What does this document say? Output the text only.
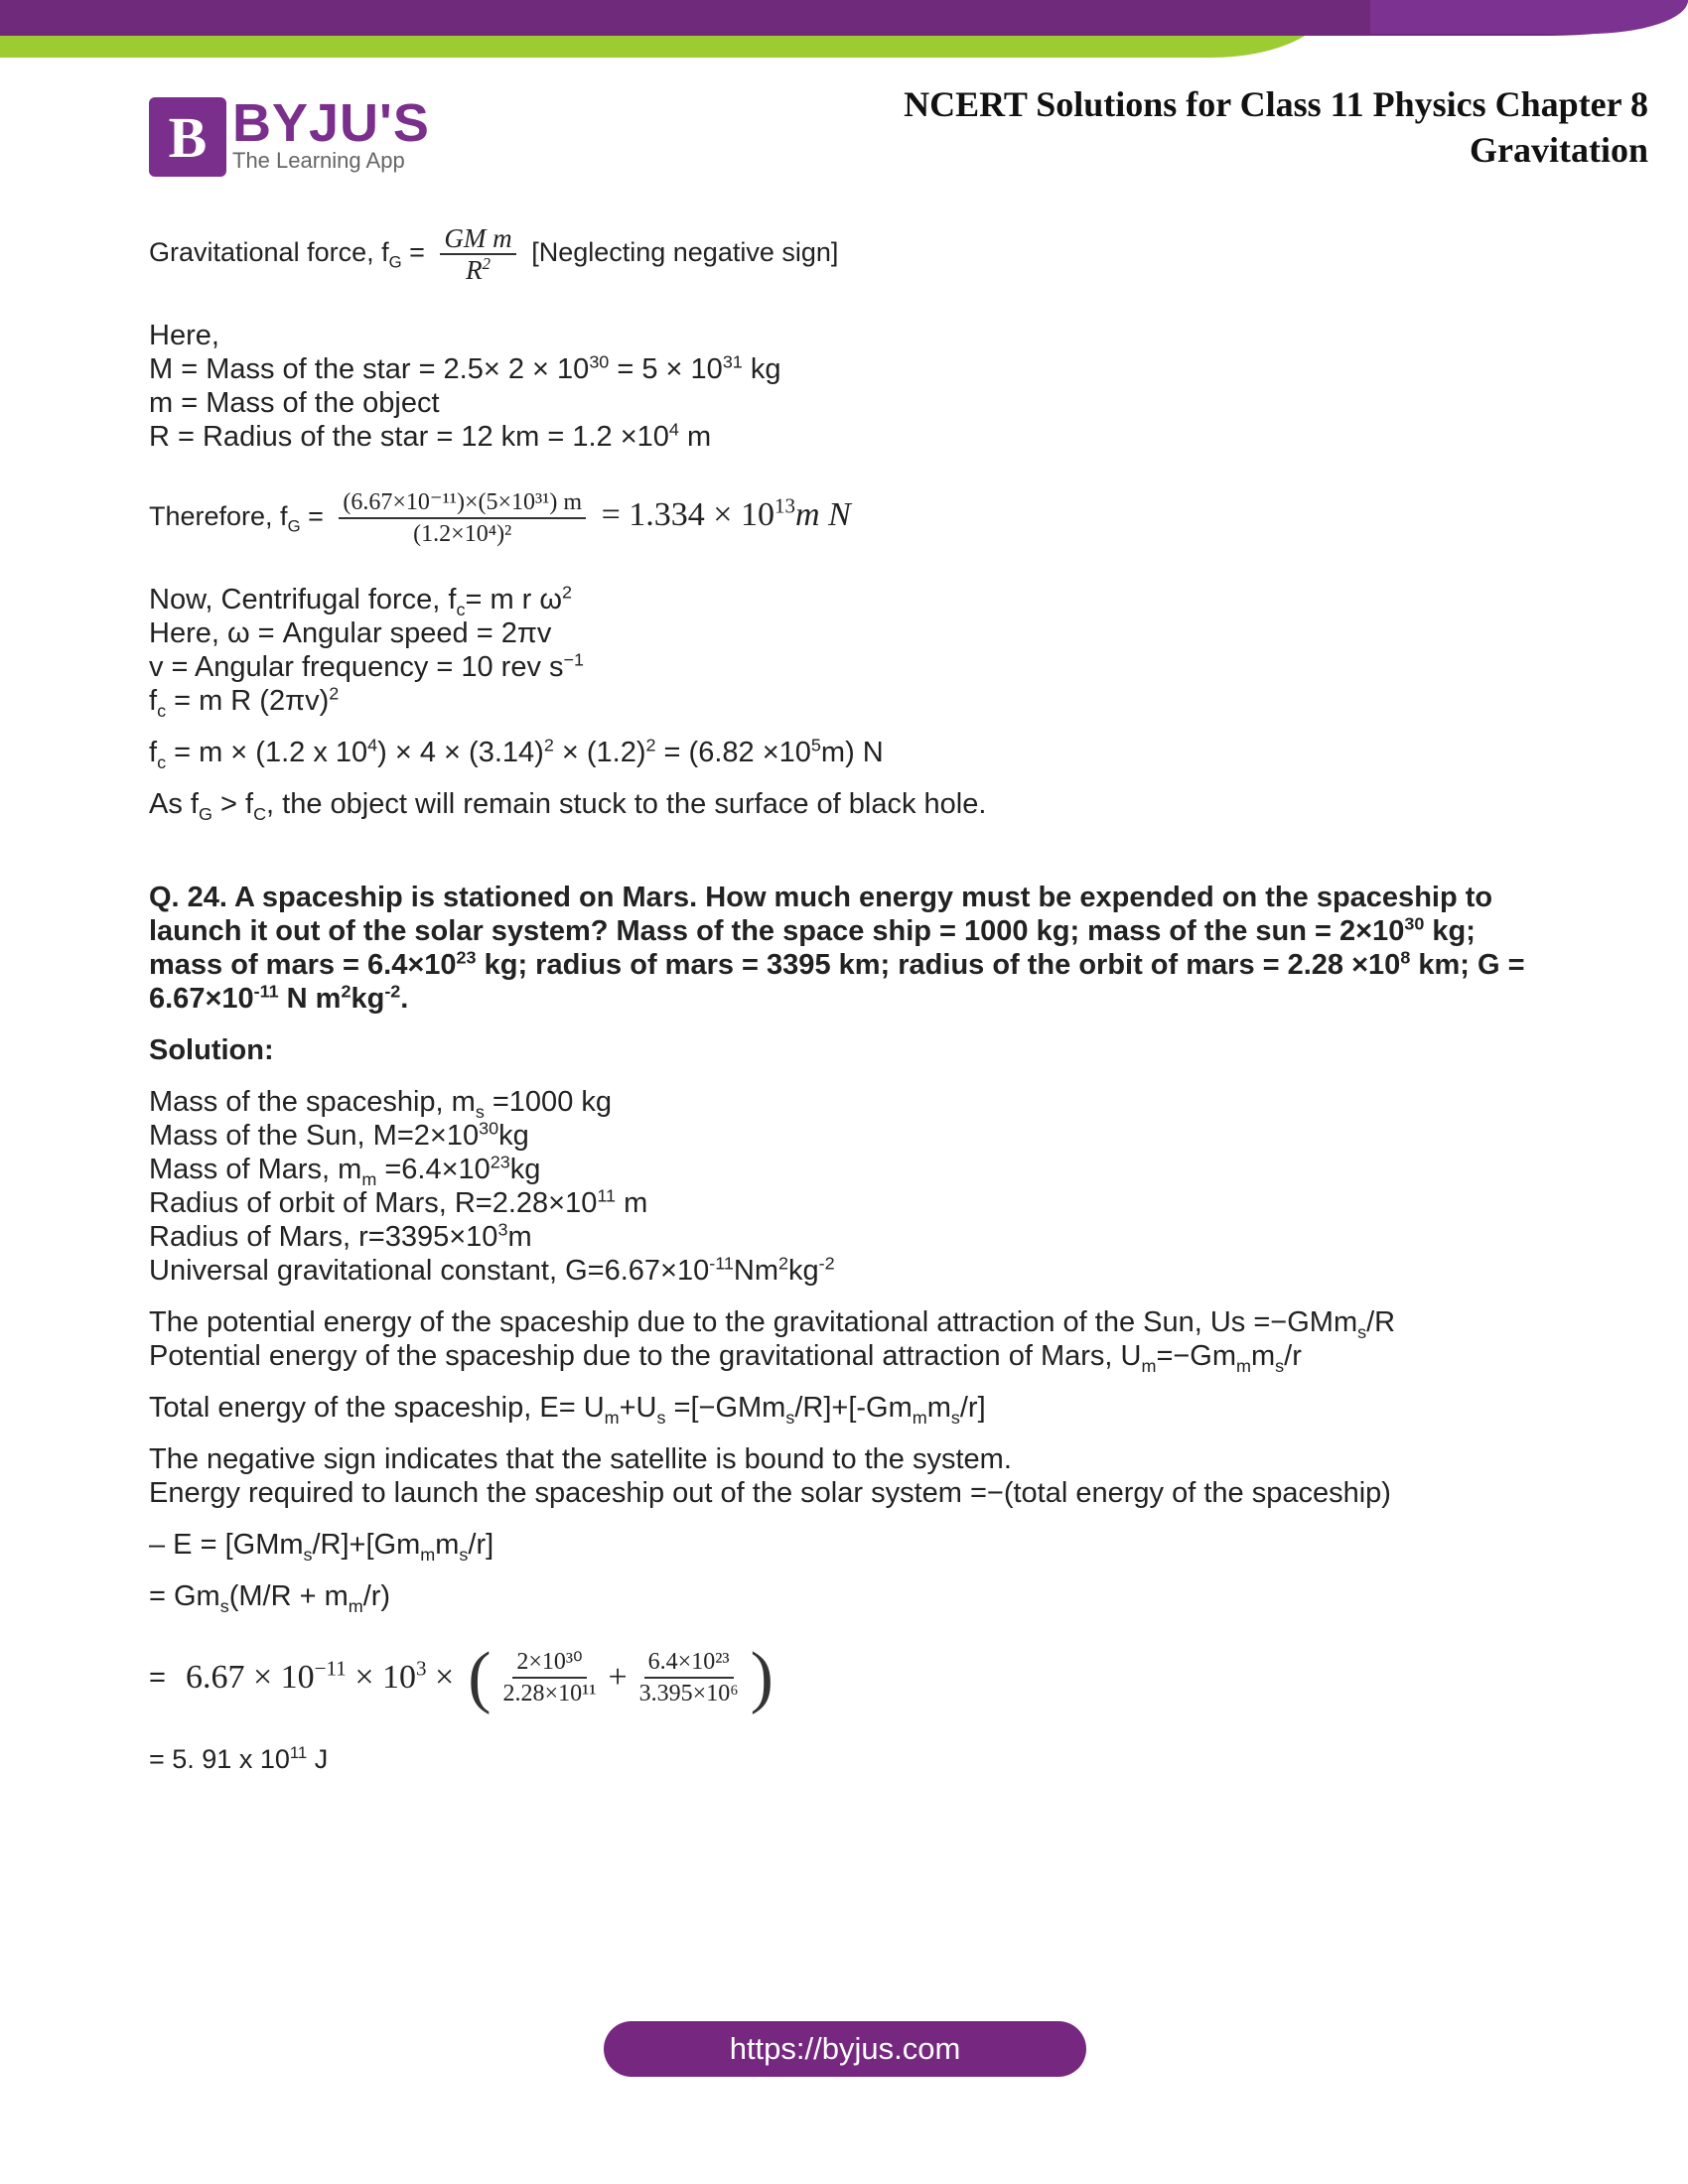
B BYJU'S
The Learning App
NCERT Solutions for Class 11 Physics Chapter 8
Gravitation
Gravitational force, $f_G = \frac{\text{GM m}}{R^2}$ [Neglecting negative sign]
Here,
M = Mass of the star = $2.5\times 2 \times 10^{30} = 5 \times 10^{31}$ kg
m = Mass of the object
R = Radius of the star = 12 km = $1.2 \times 10^4$ m
Therefore, $f_G = \frac{\text{(6.67×10⁻¹¹)×(5×10³¹) m}}{\text{(1.2×10⁴)²}} = 1.334 \times 10^{13}m$ N
Now, Centrifugal force, $f_c= m$ r $\omega^2$
Here, ω = Angular speed = 2πv
v = Angular frequency = 10 rev $s^{-1}$
$f_c = m$ R $(2\pi v)^2$
$f_c = m \times (1.2$ x $10^4) \times 4 \times (3.14)^2 \times (1.2)^2 = (6.82 \times 10^5m)$ N
As $f_G > f_C$, the object will remain stuck to the surface of black hole.
Q. 24. A spaceship is stationed on Mars. How much energy must be expended on the spaceship to launch it out of the solar system? Mass of the space ship = 1000 kg; mass of the sun = $2\times 10^{30}$ kg; mass of mars = $6.4\times 10^{23}$ kg; radius of mars = 3395 km; radius of the orbit of mars = $2.28 \times 10^8$ km; $G = 6.67\times 10^{-11}$ N $m^2kg^{-2}$.
Solution:
Mass of the spaceship, $m_s =1000$ kg
Mass of the Sun, $M=2\times 10^{30}kg$
Mass of Mars, $m_m =6.4\times 10^{23}kg$
Radius of orbit of Mars, $R=2.28\times 10^{11}$ m
Radius of Mars, $r=3395\times 10^3m$
Universal gravitational constant, $G=6.67\times 10^{-11}Nm^2kg^{-2}$
The potential energy of the spaceship due to the gravitational attraction of the Sun, Us =−GMm$_s$/R
Potential energy of the spaceship due to the gravitational attraction of Mars, $U_m=-Gm_mm_s/r$
Total energy of the spaceship, $E= U_m+U_s =[-GMm_s/R]+[-Gm_mm_s/r]$
The negative sign indicates that the satellite is bound to the system.
Energy required to launch the spaceship out of the solar system =−(total energy of the spaceship)
– $E = [GMm_s/R]+[Gm_mm_s/r]$
= $Gm_s(M/R + m_m/r)$
= $6.67 \times 10^{-11} \times 10^3$ × ( $\frac{\text{2×10³⁰}}{\text{2.28×10¹¹}} + \frac{\text{6.4×10²³}}{\text{3.395×10⁶}}$ )
= 5. 91 x $10^{11}$ J
https://byjus.com
